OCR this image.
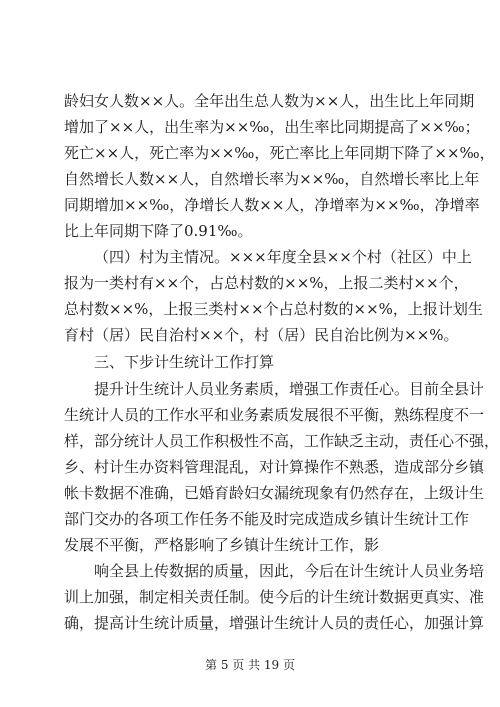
龄妇女人数××人。全年出生总人数为××人，出生比上年同期
增加了××人，出生率为××‰，出生率比同期提高了××‰；
死亡××人，死亡率为××‰，死亡率比上年同期下降了××‰，
自然增长人数××人，自然增长率为××‰，自然增长率比上年
同期增加××‰，净增长人数××人，净增率为××‰，净增率
比上年同期下降了0.91‰。
（四）村为主情况。×××年度全县××个村（社区）中上
报为一类村有××个，占总村数的××%，上报二类村××个，
总村数××%，上报三类村××个占总村数的××%，上报计划生
育村（居）民自治村××个，村（居）民自治比例为××%。
三、下步计生统计工作打算
提升计生统计人员业务素质，增强工作责任心。目前全县计
生统计人员的工作水平和业务素质发展很不平衡，熟练程度不一
样，部分统计人员工作积极性不高，工作缺乏主动，责任心不强，
乡、村计生办资料管理混乱，对计算操作不熟悉，造成部分乡镇
帐卡数据不准确，已婚育龄妇女漏统现象有仍然存在，上级计生
部门交办的各项工作任务不能及时完成造成乡镇计生统计工作
发展不平衡，严格影响了乡镇计生统计工作，影
响全县上传数据的质量，因此，今后在计生统计人员业务培
训上加强，制定相关责任制。使今后的计生统计数据更真实、准
确，提高计生统计质量，增强计生统计人员的责任心，加强计算
第 5 页 共 19 页
